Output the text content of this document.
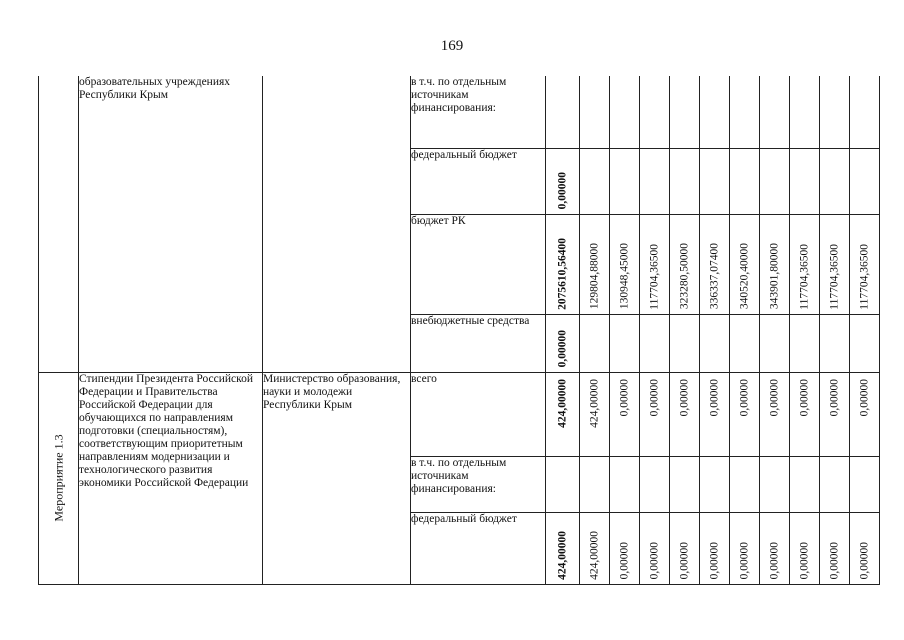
169
	образовательных учреждениях Республики Крым		в т.ч. по отдельным источникам финансирования:											
			федеральный бюджет	0,00000										

			бюджет РК	2075610,56400	129804,88000	130948,45000	117704,36500	323280,50000	336337,07400	340520,40000	343901,80000	117704,36500	117704,36500	117704,36500

			внебюджетные средства	0,00000										

Мероприятие 1.3	Стипендии Президента Российской Федерации и Правительства Российской Федерации для обучающихся по направлениям подготовки (специальностям), соответствующим приоритетным направлениям модернизации и технологического развития экономики Российской Федерации	Министерство образования, науки и молодежи Республики Крым	всего	424,00000	424,00000	0,00000	0,00000	0,00000	0,00000	0,00000	0,00000	0,00000	0,00000	0,00000

			в т.ч. по отдельным источникам финансирования:											
			федеральный бюджет	424,00000	424,00000	0,00000	0,00000	0,00000	0,00000	0,00000	0,00000	0,00000	0,00000	0,00000
